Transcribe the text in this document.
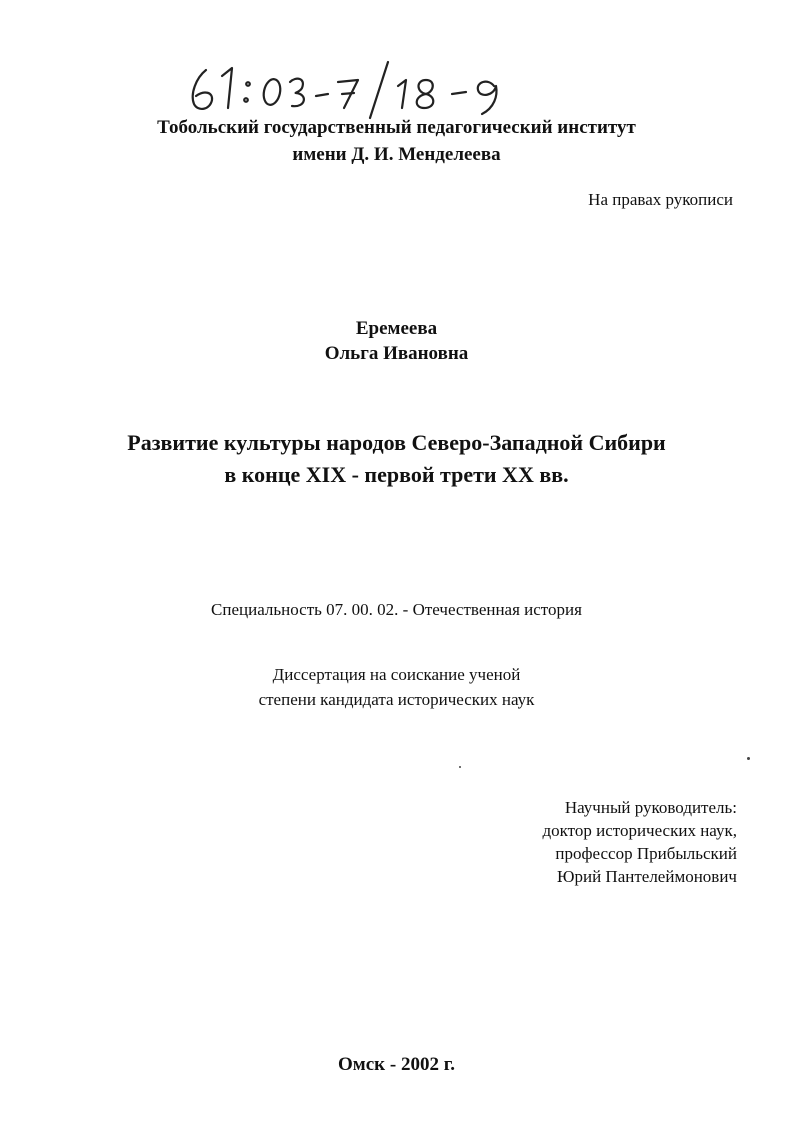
Тобольский государственный педагогический институт
имени Д. И. Менделеева
На правах рукописи
Еремеева
Ольга Ивановна
Развитие культуры народов Северо-Западной Сибири
в конце XIX - первой трети XX вв.
Специальность 07. 00. 02. - Отечественная история
Диссертация на соискание ученой
степени кандидата исторических наук
Научный руководитель:
доктор исторических наук,
профессор Прибыльский
Юрий Пантелеймонович
Омск - 2002 г.
